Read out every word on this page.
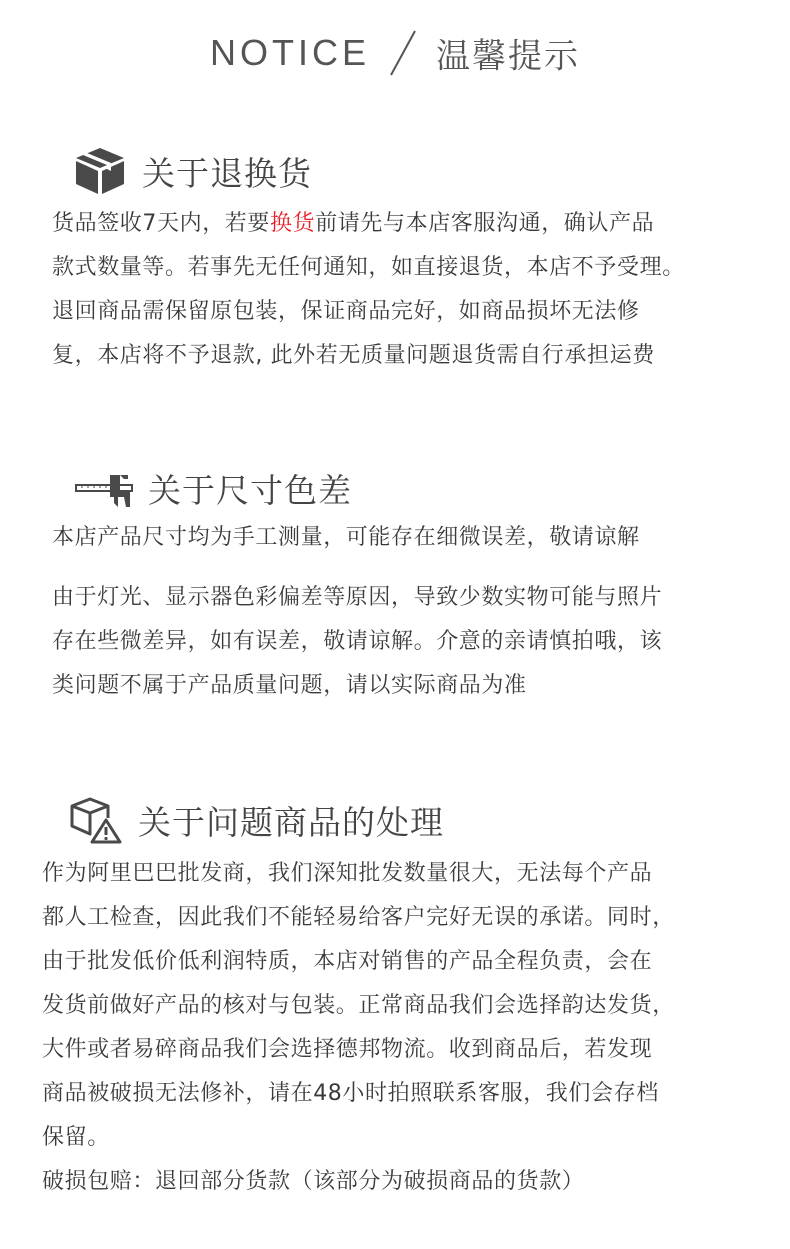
NOTICE 温馨提示
关于退换货
货品签收7天内，若要换货前请先与本店客服沟通，确认产品
款式数量等。若事先无任何通知，如直接退货，本店不予受理。
退回商品需保留原包装，保证商品完好，如商品损坏无法修
复，本店将不予退款, 此外若无质量问题退货需自行承担运费
关于尺寸色差
本店产品尺寸均为手工测量，可能存在细微误差，敬请谅解
由于灯光、显示器色彩偏差等原因，导致少数实物可能与照片
存在些微差异，如有误差，敬请谅解。介意的亲请慎拍哦，该
类问题不属于产品质量问题，请以实际商品为准
关于问题商品的处理
作为阿里巴巴批发商，我们深知批发数量很大，无法每个产品
都人工检查，因此我们不能轻易给客户完好无误的承诺。同时，
由于批发低价低利润特质，本店对销售的产品全程负责，会在
发货前做好产品的核对与包装。正常商品我们会选择韵达发货，
大件或者易碎商品我们会选择德邦物流。收到商品后，若发现
商品被破损无法修补，请在48小时拍照联系客服，我们会存档
保留。
破损包赔：退回部分货款（该部分为破损商品的货款）
